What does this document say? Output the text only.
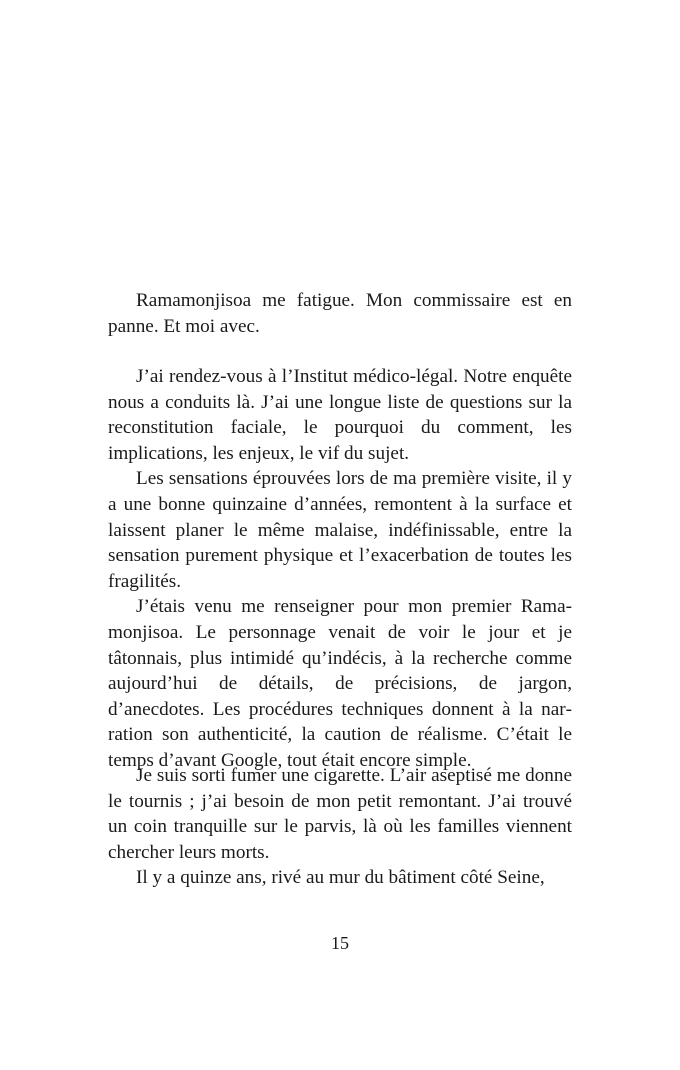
Ramamonjisoa me fatigue. Mon commissaire est en panne. Et moi avec.

J’ai rendez-vous à l’Institut médico-légal. Notre enquête nous a conduits là. J’ai une longue liste de questions sur la reconstitution faciale, le pourquoi du comment, les implications, les enjeux, le vif du sujet.

Les sensations éprouvées lors de ma première visite, il y a une bonne quinzaine d’années, remontent à la surface et laissent planer le même malaise, indéfinissable, entre la sensation purement physique et l’exacerbation de toutes les fragilités.

J’étais venu me renseigner pour mon premier Ramamonjisoa. Le personnage venait de voir le jour et je tâtonnais, plus intimidé qu’indécis, à la recherche comme aujourd’hui de détails, de précisions, de jargon, d’anecdotes. Les procédures techniques donnent à la narration son authenticité, la caution de réalisme. C’était le temps d’avant Google, tout était encore simple.

Je suis sorti fumer une cigarette. L’air aseptisé me donne le tournis ; j’ai besoin de mon petit remontant. J’ai trouvé un coin tranquille sur le parvis, là où les familles viennent chercher leurs morts.

Il y a quinze ans, rivé au mur du bâtiment côté Seine,

15
